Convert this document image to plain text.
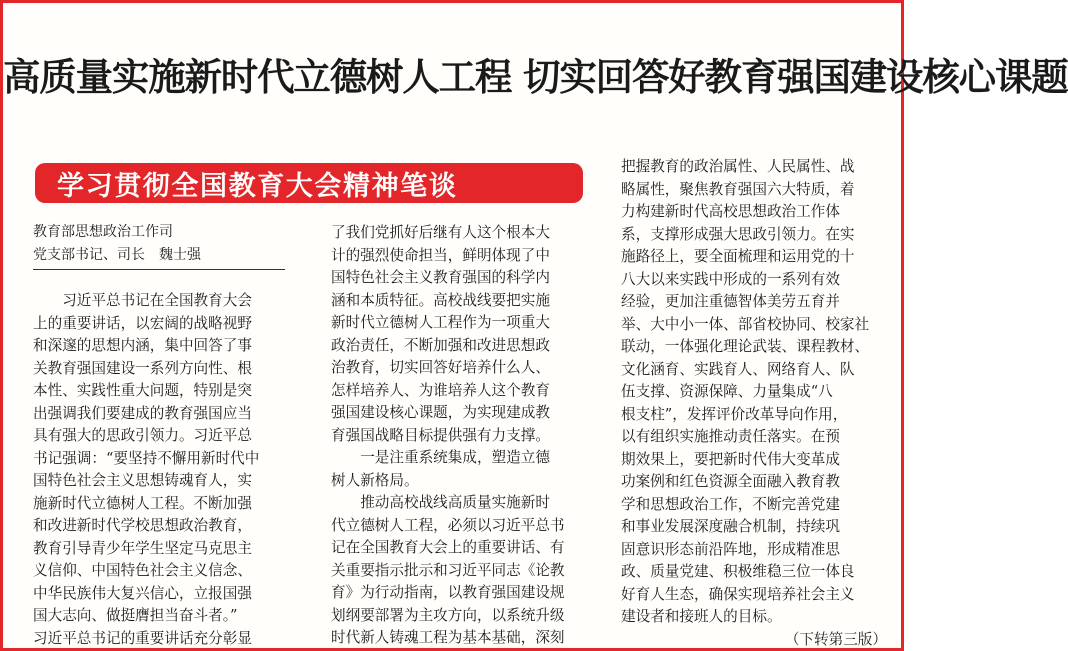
高质量实施新时代立德树人工程 切实回答好教育强国建设核心课题
学习贯彻全国教育大会精神笔谈
教育部思想政治工作司
党支部书记、司长　魏士强
　　习近平总书记在全国教育大会
上的重要讲话，以宏阔的战略视野
和深邃的思想内涵，集中回答了事
关教育强国建设一系列方向性、根
本性、实践性重大问题，特别是突
出强调我们要建成的教育强国应当
具有强大的思政引领力。习近平总
书记强调：“要坚持不懈用新时代中
国特色社会主义思想铸魂育人，实
施新时代立德树人工程。不断加强
和改进新时代学校思想政治教育，
教育引导青少年学生坚定马克思主
义信仰、中国特色社会主义信念、
中华民族伟大复兴信心，立报国强
国大志向、做挺膺担当奋斗者。”
习近平总书记的重要讲话充分彰显
了我们党抓好后继有人这个根本大
计的强烈使命担当，鲜明体现了中
国特色社会主义教育强国的科学内
涵和本质特征。高校战线要把实施
新时代立德树人工程作为一项重大
政治责任，不断加强和改进思想政
治教育，切实回答好培养什么人、
怎样培养人、为谁培养人这个教育
强国建设核心课题，为实现建成教
育强国战略目标提供强有力支撑。
　　一是注重系统集成，塑造立德
树人新格局。
　　推动高校战线高质量实施新时
代立德树人工程，必须以习近平总书
记在全国教育大会上的重要讲话、有
关重要指示批示和习近平同志《论教
育》为行动指南，以教育强国建设规
划纲要部署为主攻方向，以系统升级
时代新人铸魂工程为基本基础，深刻
把握教育的政治属性、人民属性、战
略属性，聚焦教育强国六大特质，着
力构建新时代高校思想政治工作体
系，支撑形成强大思政引领力。在实
施路径上，要全面梳理和运用党的十
八大以来实践中形成的一系列有效
经验，更加注重德智体美劳五育并
举、大中小一体、部省校协同、校家社
联动，一体强化理论武装、课程教材、
文化涵育、实践育人、网络育人、队
伍支撑、资源保障、力量集成“八
根支柱”，发挥评价改革导向作用，
以有组织实施推动责任落实。在预
期效果上，要把新时代伟大变革成
功案例和红色资源全面融入教育教
学和思想政治工作，不断完善党建
和事业发展深度融合机制，持续巩
固意识形态前沿阵地，形成精准思
政、质量党建、积极维稳三位一体良
好育人生态，确保实现培养社会主义
建设者和接班人的目标。
（下转第三版）
